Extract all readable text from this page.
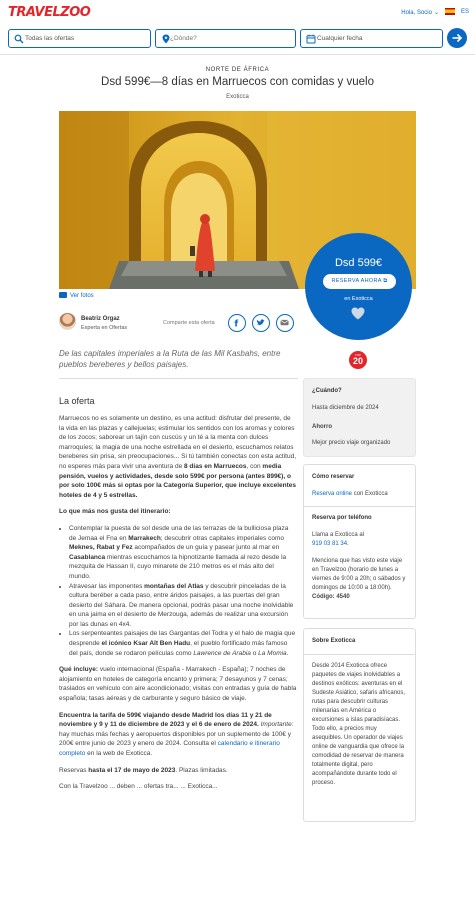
TRAVELZOO	Hola, Socio ⌄	ES
Todas las ofertas
¿Dónde?	Cualquier fecha
NORTE DE ÁFRICA
Dsd 599€—8 días en Marruecos con comidas y vuelo
Exoticca
Ver fotos
Dsd 599€
RESERVA AHORA ⧉
en Exoticca
Beatriz Orgaz
Experta en Ofertas
Comparte esta oferta f
De las capitales imperiales a la Ruta de las Mil Kasbahs, entre pueblos bereberes y bellos paisajes.
TOP
20
La oferta

Marruecos no es solamente un destino, es una actitud: disfrutar del presente, de la vida en las plazas y callejuelas; estimular los sentidos con los aromas y colores de los zocos; saborear un tajín con cuscús y un té a la menta con dulces marroquíes; la magia de una noche estrellada en el desierto, escuchamos relatos bereberes sin prisa, sin preocupaciones... Si tú también conectas con esta actitud, no esperes más para vivir una aventura de 8 días en Marruecos, con media pensión, vuelos y actividades, desde solo 599€ por persona (antes 899€), o por solo 100€ más si optas por la Categoría Superior, que incluye excelentes hoteles de 4 y 5 estrellas.

Lo que más nos gusta del itinerario:

• Contemplar la puesta de sol desde una de las terrazas de la bulliciosa plaza de Jemaa el Fna en Marrakech; descubrir otras capitales imperiales como Meknes, Rabat y Fez acompañados de un guía y pasear junto al mar en Casablanca mientras escuchamos la hipnotizante llamada al rezo desde la mezquita de Hassan II, cuyo minarete de 210 metros es el más alto del mundo.
• Atravesar las imponentes montañas del Atlas y descubrir pinceladas de la cultura beréber a cada paso, entre áridos paisajes, a las puertas del gran desierto del Sáhara. De manera opcional, podrás pasar una noche inolvidable en una jaima en el desierto de Merzouga, además de realizar una excursión por las dunas en 4x4.
• Los serpenteantes paisajes de las Gargantas del Todra y el halo de magia que desprende el icónico Ksar Aït Ben Hadu, el pueblo fortificado más famoso del país, donde se rodaron películas como Lawrence de Arabia o La Momia.

Qué incluye: vuelo internacional (España - Marrakech - España); 7 noches de alojamiento en hoteles de categoría encanto y primera; 7 desayunos y 7 cenas; traslados en vehículo con aire acondicionado; visitas con entradas y guía de habla española; tasas aéreas y de carburante y seguro básico de viaje.

Encuentra la tarifa de 599€ viajando desde Madrid los días 11 y 21 de noviembre y 9 y 11 de diciembre de 2023 y el 6 de enero de 2024. Importante: hay muchas más fechas y aeropuertos disponibles por un suplemento de 100€ y 200€ entre junio de 2023 y enero de 2024. Consulta el calendario e itinerario completo en la web de Exoticca.

Reservas hasta el 17 de mayo de 2023. Plazas limitadas.

Con la Travelzoo ... deben ... ofertas tra... ... Exoticca...

¿Cuándo?

Hasta diciembre de 2024

Ahorro

Mejor precio viaje organizado

Cómo reservar

Reserva online con Exoticca

Reserva por teléfono

Llama a Exoticca al

919 03 81 34.

Menciona que has visto este viaje en Travelzoo (horario de lunes a viernes de 9:00 a 20h; o sábados y domingos de 10:00 a 18:00h). Código: 4540

Sobre Exoticca

Desde 2014 Exoticca ofrece paquetes de viajes inolvidables a destinos exóticos: aventuras en el Sudeste Asiático, safaris africanos, rutas para descubrir culturas milenarias en América o excursiones a islas paradisíacas. Todo ello, a precios muy asequibles. Un operador de viajes online de vanguardia que ofrece la comodidad de reservar de manera totalmente digital, pero acompañándote durante todo el proceso.
